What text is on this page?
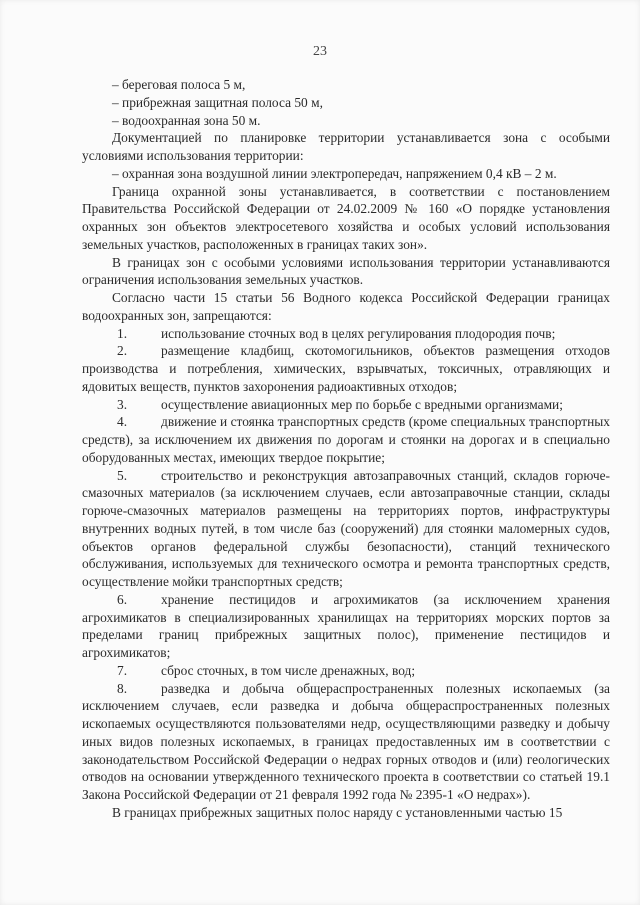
23

– береговая полоса 5 м,

– прибрежная защитная полоса 50 м,

– водоохранная зона 50 м.

Документацией по планировке территории устанавливается зона с особыми условиями использования территории:

– охранная зона воздушной линии электропередач, напряжением 0,4 кВ – 2 м.

Граница охранной зоны устанавливается, в соответствии с постановлением Правительства Российской Федерации от 24.02.2009 № 160 «О порядке установления охранных зон объектов электросетевого хозяйства и особых условий использования земельных участков, расположенных в границах таких зон».

В границах зон с особыми условиями использования территории устанавливаются ограничения использования земельных участков.

Согласно части 15 статьи 56 Водного кодекса Российской Федерации границах водоохранных зон, запрещаются:

1.	использование сточных вод в целях регулирования плодородия почв;

2.	размещение кладбищ, скотомогильников, объектов размещения отходов производства и потребления, химических, взрывчатых, токсичных, отравляющих и ядовитых веществ, пунктов захоронения радиоактивных отходов;

3.	осуществление авиационных мер по борьбе с вредными организмами;

4.	движение и стоянка транспортных средств (кроме специальных транспортных средств), за исключением их движения по дорогам и стоянки на дорогах и в специально оборудованных местах, имеющих твердое покрытие;

5.	строительство и реконструкция автозаправочных станций, складов горюче-смазочных материалов (за исключением случаев, если автозаправочные станции, склады горюче-смазочных материалов размещены на территориях портов, инфраструктуры внутренних водных путей, в том числе баз (сооружений) для стоянки маломерных судов, объектов органов федеральной службы безопасности), станций технического обслуживания, используемых для технического осмотра и ремонта транспортных средств, осуществление мойки транспортных средств;

6.	хранение пестицидов и агрохимикатов (за исключением хранения агрохимикатов в специализированных хранилищах на территориях морских портов за пределами границ прибрежных защитных полос), применение пестицидов и агрохимикатов;

7.	сброс сточных, в том числе дренажных, вод;

8.	разведка и добыча общераспространенных полезных ископаемых (за исключением случаев, если разведка и добыча общераспространенных полезных ископаемых осуществляются пользователями недр, осуществляющими разведку и добычу иных видов полезных ископаемых, в границах предоставленных им в соответствии с законодательством Российской Федерации о недрах горных отводов и (или) геологических отводов на основании утвержденного технического проекта в соответствии со статьей 19.1 Закона Российской Федерации от 21 февраля 1992 года № 2395-1 «О недрах»).

В границах прибрежных защитных полос наряду с установленными частью 15
